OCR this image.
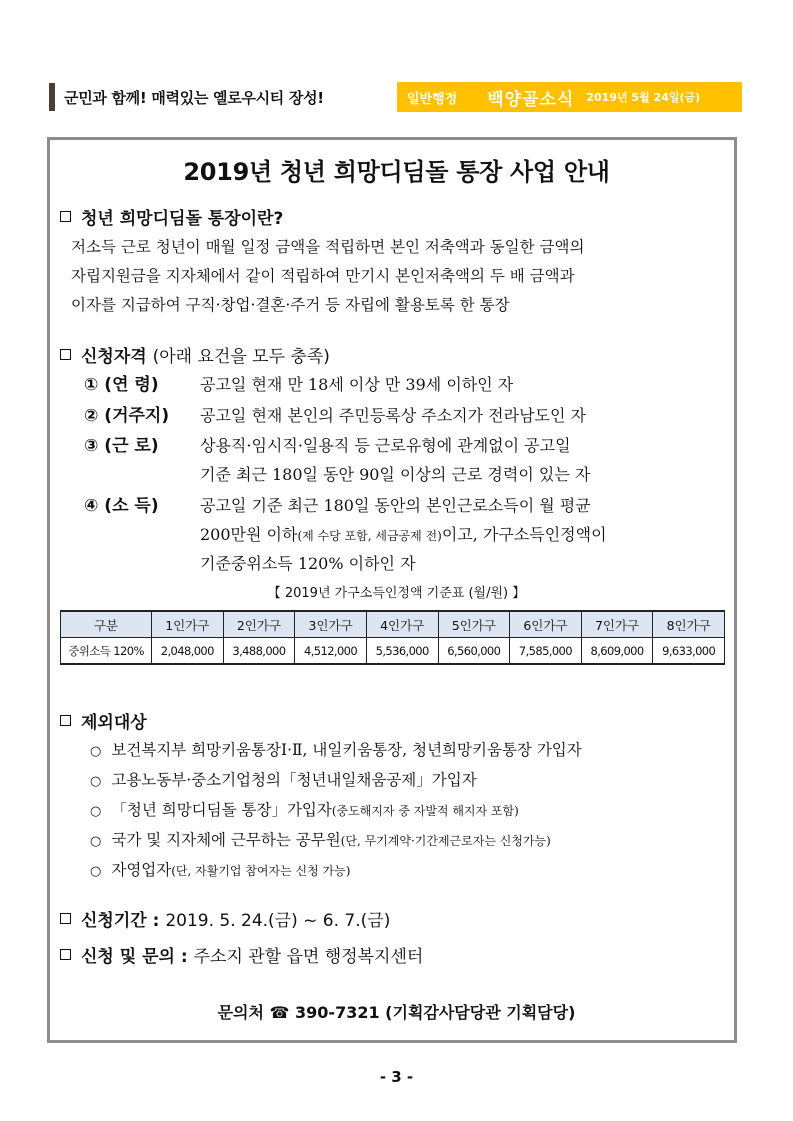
군민과 함께! 매력있는 옐로우시티 장성!	일반행정 백양골소식 2019년 5월 24일(금)
2019년 청년 희망디딤돌 통장 사업 안내
청년 희망디딤돌 통장이란?
저소득 근로 청년이 매월 일정 금액을 적립하면 본인 저축액과 동일한 금액의
자립지원금을 지자체에서 같이 적립하여 만기시 본인저축액의 두 배 금액과
이자를 지급하여 구직·창업·결혼·주거 등 자립에 활용토록 한 통장
신청자격 (아래 요건을 모두 충족)
① (연 령)	공고일 현재 만 18세 이상 만 39세 이하인 자
② (거주지) 공고일 현재 본인의 주민등록상 주소지가 전라남도인 자
③ (근 로)	상용직·임시직·일용직 등 근로유형에 관계없이 공고일
기준 최근 180일 동안 90일 이상의 근로 경력이 있는 자
④ (소 득)	공고일 기준 최근 180일 동안의 본인근로소득이 월 평균
200만원 이하(제 수당 포함, 세금공제 전)이고, 가구소득인정액이
기준중위소득 120% 이하인 자
【 2019년 가구소득인정액 기준표 (월/원) 】
구분	1인가구	2인가구	3인가구	4인가구	5인가구	6인가구	7인가구	8인가구
중위소득 120%	2,048,000	3,488,000	4,512,000	5,536,000	6,560,000	7,585,000	8,609,000	9,633,000
제외대상
○ 보건복지부 희망키움통장Ⅰ·Ⅱ, 내일키움통장, 청년희망키움통장 가입자
○ 고용노동부·중소기업청의「청년내일채움공제」가입자
○ 「청년 희망디딤돌 통장」가입자(중도해지자 중 자발적 해지자 포함)
○ 국가 및 지자체에 근무하는 공무원(단, 무기계약·기간제근로자는 신청가능)
○ 자영업자(단, 자활기업 참여자는 신청 가능)
신청기간 : 2019. 5. 24.(금) ~ 6. 7.(금)
신청 및 문의 : 주소지 관할 읍면 행정복지센터
문의처 ☎ 390-7321 (기획감사담당관 기획담당)
- 3 -
